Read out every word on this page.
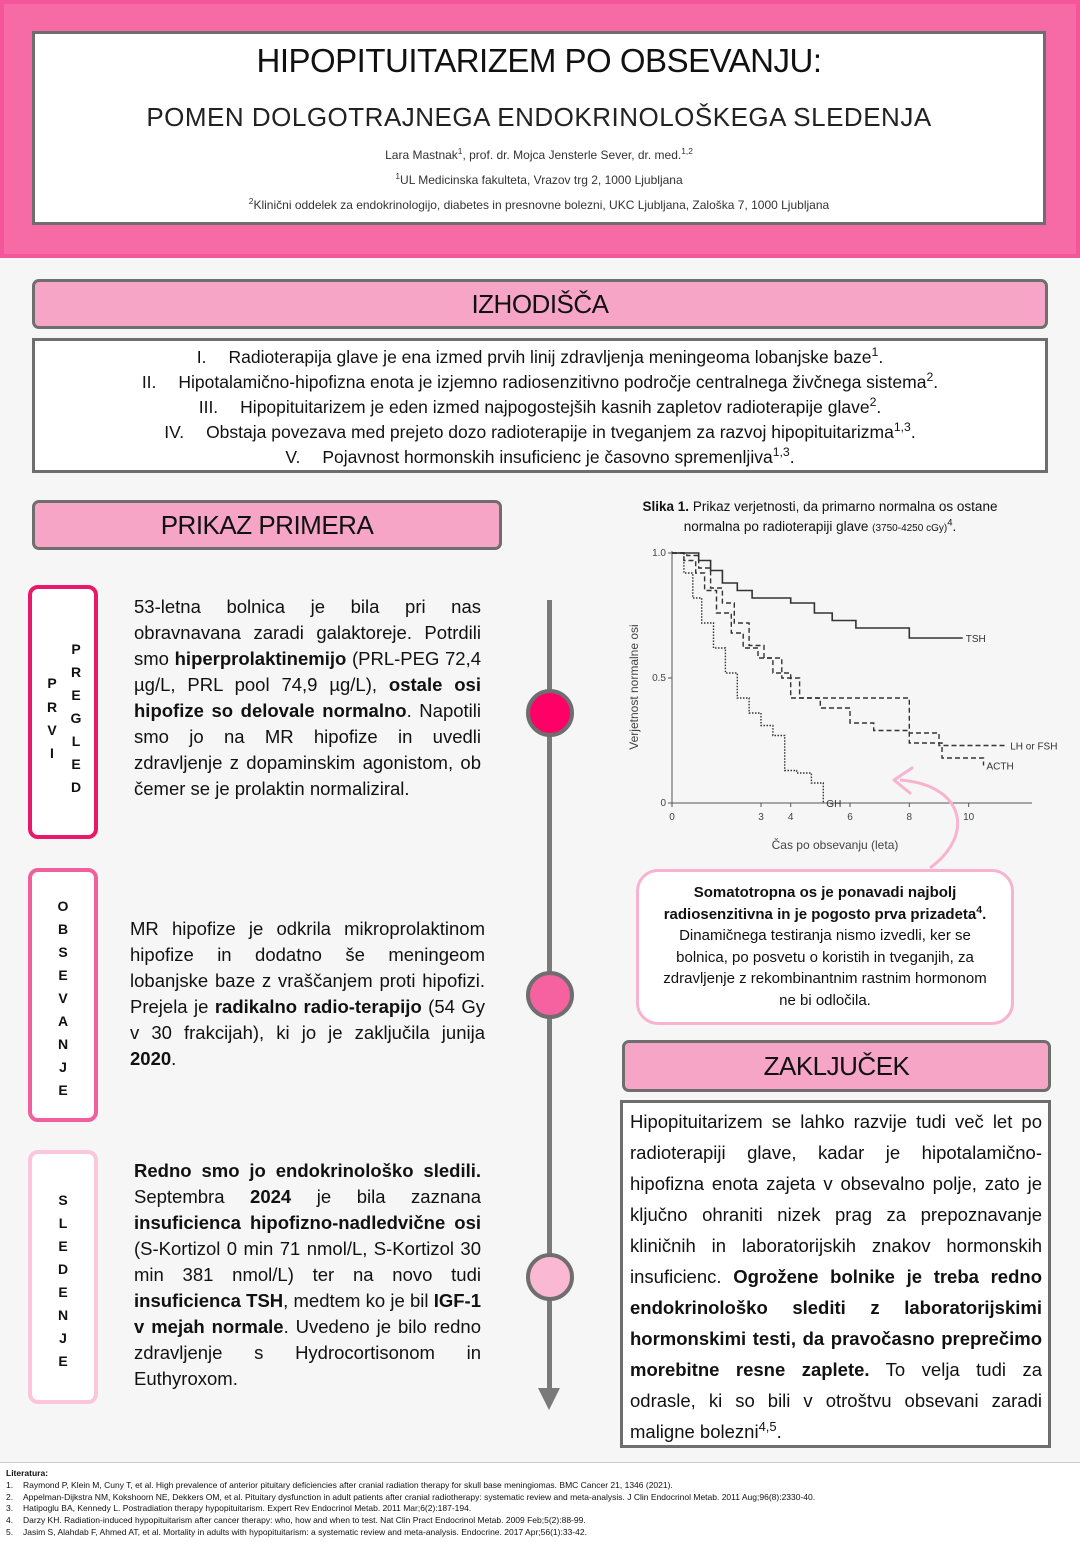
HIPOPITUITARIZEM PO OBSEVANJU:
POMEN DOLGOTRAJNEGA ENDOKRINOLOŠKEGA SLEDENJA
Lara Mastnak$^1$, prof. dr. Mojca Jensterle Sever, dr. med.$^{1,2}$
$^1$UL Medicinska fakulteta, Vrazov trg 2, 1000 Ljubljana
$^2$Klinični oddelek za endokrinologijo, diabetes in presnovne bolezni, UKC Ljubljana, Zaloška 7, 1000 Ljubljana
IZHODIŠČA
I. Radioterapija glave je ena izmed prvih linij zdravljenja meningeoma lobanjske baze$^1$.
II. Hipotalamično-hipofizna enota je izjemno radiosenzitivno področje centralnega živčnega sistema$^2$.
III. Hipopituitarizem je eden izmed najpogostejših kasnih zapletov radioterapije glave$^2$.
IV. Obstaja povezava med prejeto dozo radioterapije in tveganjem za razvoj hipopituitarizma$^{1,3}$.
V. Pojavnost hormonskih insuficienc je časovno spremenljiva$^{1,3}$.
PRIKAZ PRIMERA
P
R
V
I
P
R
E
G
L
E
D
O
B
S
E
V
A
N
J
E
S
L
E
D
E
N
J
E
53-letna bolnica je bila pri nas obravnavana zaradi galaktoreje. Potrdili smo hiperprolaktinemijo (PRL-PEG 72,4 µg/L, PRL pool 74,9 µg/L), ostale osi hipofize so delovale normalno. Napotili smo jo na MR hipofize in uvedli zdravljenje z dopaminskim agonistom, ob čemer se je prolaktin normaliziral.
MR hipofize je odkrila mikroprolaktinom hipofize in dodatno še meningeom lobanjske baze z vraščanjem proti hipofizi. Prejela je radikalno radio-terapijo (54 Gy v 30 frakcijah), ki jo je zaključila junija 2020.
Redno smo jo endokrinološko sledili. Septembra 2024 je bila zaznana insuficienca hipofizno-nadledvične osi (S-Kortizol 0 min 71 nmol/L, S-Kortizol 30 min 381 nmol/L) ter na novo tudi insuficienca TSH, medtem ko je bil IGF-1 v mejah normale. Uvedeno je bilo redno zdravljenje s Hydrocortisonom in Euthyroxom.
Slika 1. Prikaz verjetnosti, da primarno normalna os ostane
normalna po radioterapiji glave (3750-4250 cGy)$^4$.
Verjetnost normalne osi
Čas po obsevanju (leta)
0
0.5
1.0
0	3 4	6	8	10
TSH
LH or FSH
ACTH
GH
Somatotropna os je ponavadi najbolj radiosenzitivna in je pogosto prva prizadeta$^4$. Dinamičnega testiranja nismo izvedli, ker se bolnica, po posvetu o koristih in tveganjih, za zdravljenje z rekombinantnim rastnim hormonom ne bi odločila.
ZAKLJUČEK
Hipopituitarizem se lahko razvije tudi več let po radioterapiji glave, kadar je hipotalamično-hipofizna enota zajeta v obsevalno polje, zato je ključno ohraniti nizek prag za prepoznavanje kliničnih in laboratorijskih znakov hormonskih insuficienc. Ogrožene bolnike je treba redno endokrinološko slediti z laboratorijskimi hormonskimi testi, da pravočasno preprečimo morebitne resne zaplete. To velja tudi za odrasle, ki so bili v otroštvu obsevani zaradi maligne bolezni$^{4,5}$.
Literatura:
1. Raymond P, Klein M, Cuny T, et al. High prevalence of anterior pituitary deficiencies after cranial radiation therapy for skull base meningiomas. BMC Cancer 21, 1346 (2021).
2. Appelman-Dijkstra NM, Kokshoorn NE, Dekkers OM, et al. Pituitary dysfunction in adult patients after cranial radiotherapy: systematic review and meta-analysis. J Clin Endocrinol Metab. 2011 Aug;96(8):2330-40.
3. Hatipoglu BA, Kennedy L. Postradiation therapy hypopituitarism. Expert Rev Endocrinol Metab. 2011 Mar;6(2):187-194.
4. Darzy KH. Radiation-induced hypopituitarism after cancer therapy: who, how and when to test. Nat Clin Pract Endocrinol Metab. 2009 Feb;5(2):88-99.
5. Jasim S, Alahdab F, Ahmed AT, et al. Mortality in adults with hypopituitarism: a systematic review and meta-analysis. Endocrine. 2017 Apr;56(1):33-42.
